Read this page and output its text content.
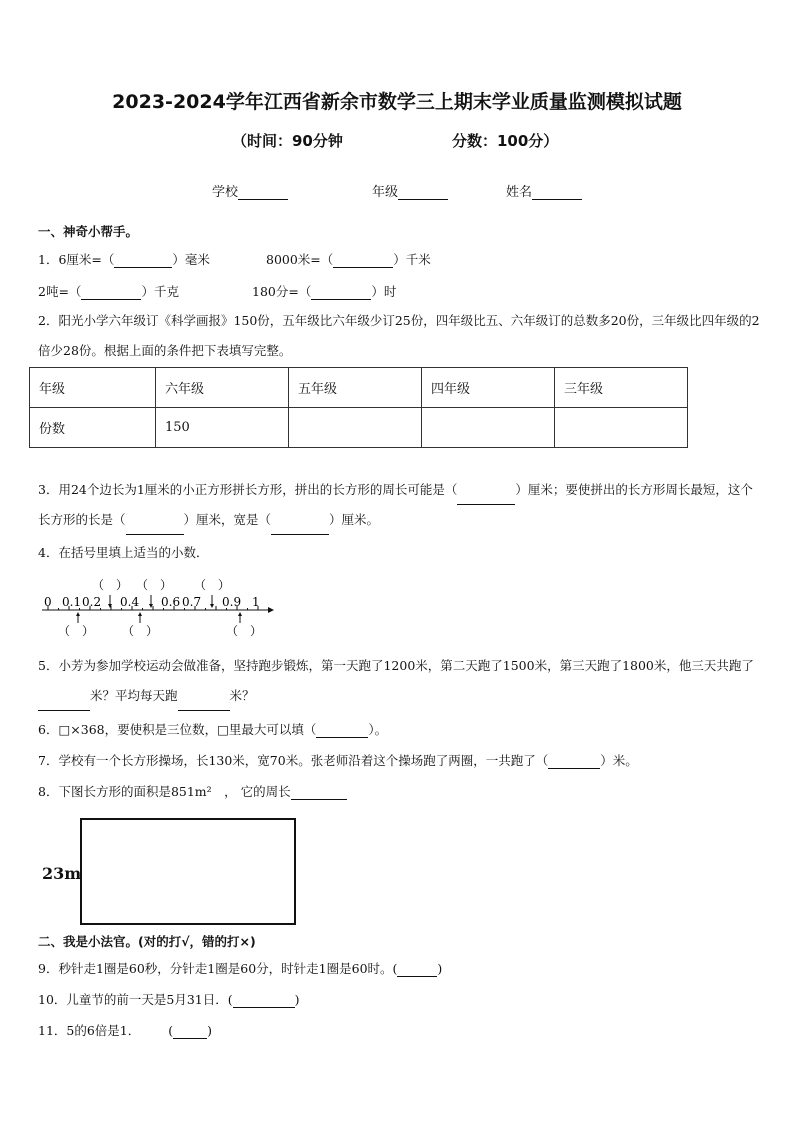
2023-2024学年江西省新余市数学三上期末学业质量监测模拟试题
（时间：90分钟	分数：100分）
学校	年级	姓名
一、神奇小帮手。
1．6厘米=（	）毫米	8000米=（	）千米
2吨=（	）千克	180分=（	）时
2．阳光小学六年级订《科学画报》150份，五年级比六年级少订25份，四年级比五、六年级订的总数多20份，三年级比四年级的2倍少28份。根据上面的条件把下表填写完整。
年级	六年级	五年级	四年级	三年级
份数	150			
3．用24个边长为1厘米的小正方形拼长方形，拼出的长方形的周长可能是（	）厘米；要使拼出的长方形周长最短，这个长方形的长是（	）厘米，宽是（	）厘米。
4．在括号里填上适当的小数．
0 0.1 0.2 0.4 0.6 0.7 0.9 1
（　） （　） （　）
（　） （　）	（　）
5．小芳为参加学校运动会做准备，坚持跑步锻炼，第一天跑了1200米，第二天跑了1500米，第三天跑了1800米，他三天共跑了米？平均每天跑	米？
6．□×368，要使积是三位数，□里最大可以填（	）。
7．学校有一个长方形操场，长130米，宽70米。张老师沿着这个操场跑了两圈，一共跑了（	）米。
8．下图长方形的面积是851m²　， 它的周长
23m
二、我是小法官。(对的打√，错的打×)
9．秒针走1圈是60秒，分针走1圈是60分，时针走1圈是60时。(	)
10．儿童节的前一天是5月31日．(	)
11．5的6倍是1． (	)
